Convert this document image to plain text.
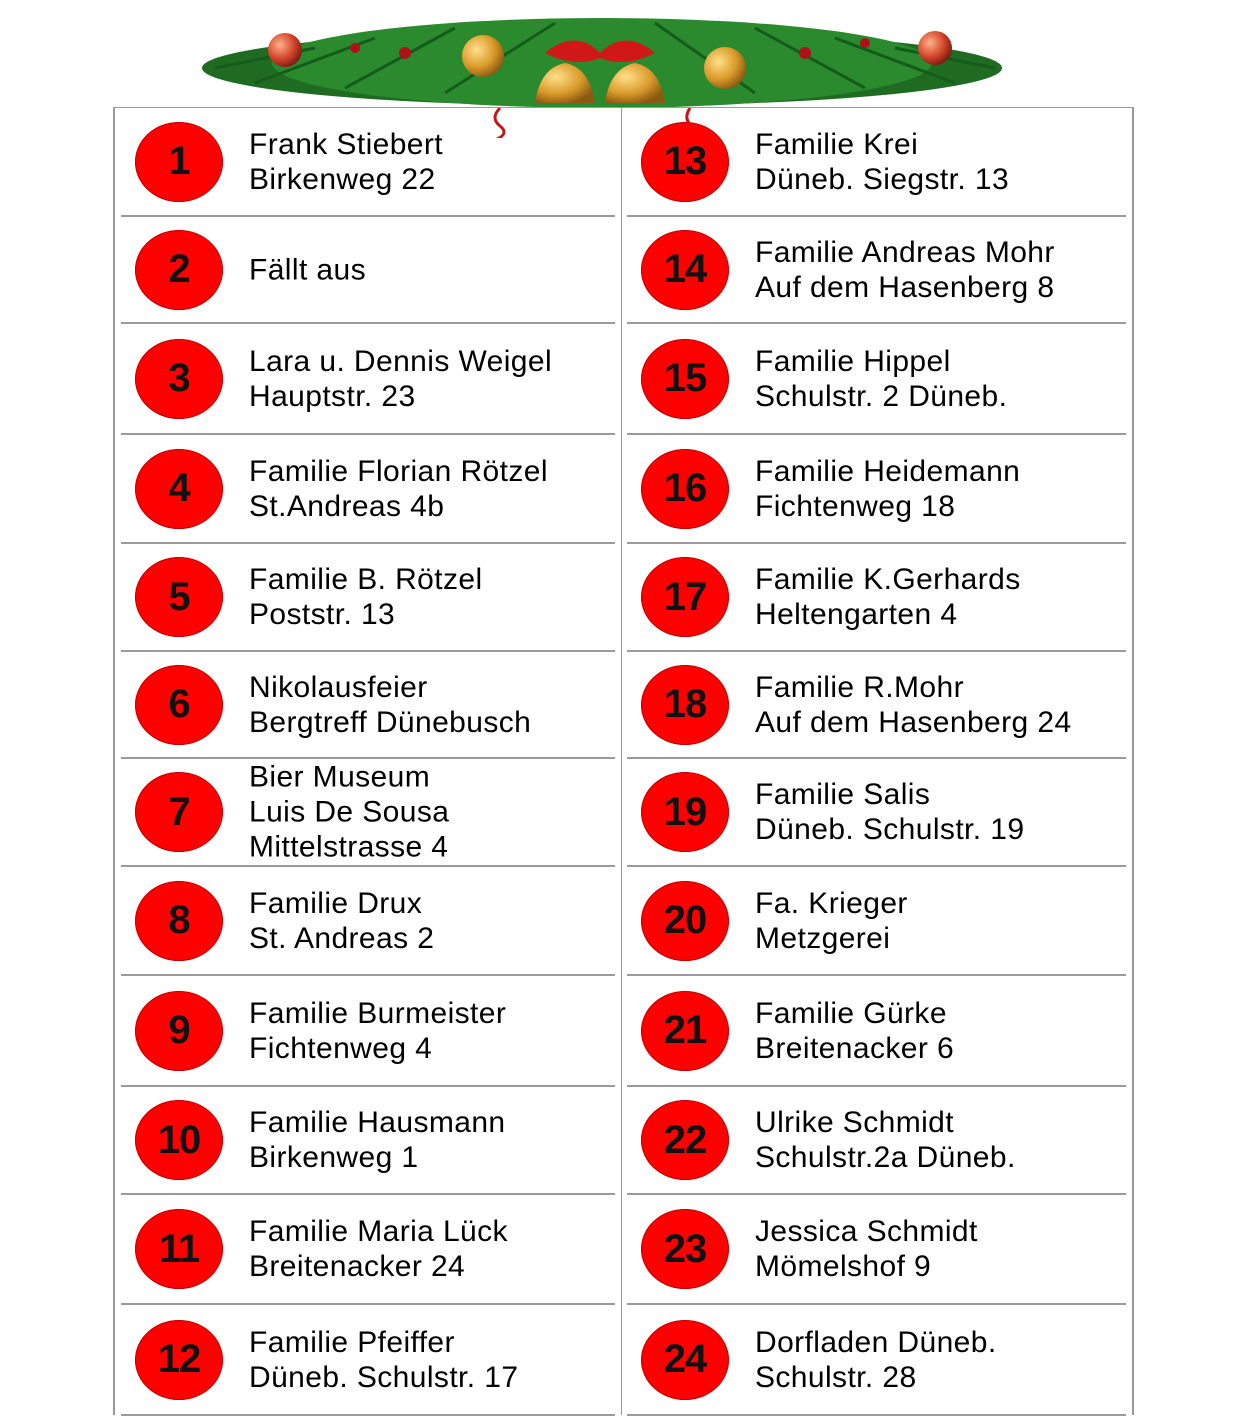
1 Frank Stiebert
Birkenweg 22
2 Fällt aus
3 Lara u. Dennis Weigel
Hauptstr. 23
4 Familie Florian Rötzel
St.Andreas 4b
5 Familie B. Rötzel
Poststr. 13
6 Nikolausfeier
Bergtreff Dünebusch
7
Bier Museum
Luis De Sousa
Mittelstrasse 4
8 Familie Drux
St. Andreas 2
9 Familie Burmeister
Fichtenweg 4
10 Familie Hausmann
Birkenweg 1
11 Familie Maria Lück
Breitenacker 24
12 Familie Pfeiffer
Düneb. Schulstr. 17
13 Familie Krei
Düneb. Siegstr. 13
14 Familie Andreas Mohr
Auf dem Hasenberg 8
15 Familie Hippel
Schulstr. 2 Düneb.
16 Familie Heidemann
Fichtenweg 18
17 Familie K.Gerhards
Heltengarten 4
18 Familie R.Mohr
Auf dem Hasenberg 24
19 Familie Salis
Düneb. Schulstr. 19
20 Fa. Krieger
Metzgerei
21 Familie Gürke
Breitenacker 6
22 Ulrike Schmidt
Schulstr.2a Düneb.
23 Jessica Schmidt
Mömelshof 9
24 Dorfladen Düneb.
Schulstr. 28
